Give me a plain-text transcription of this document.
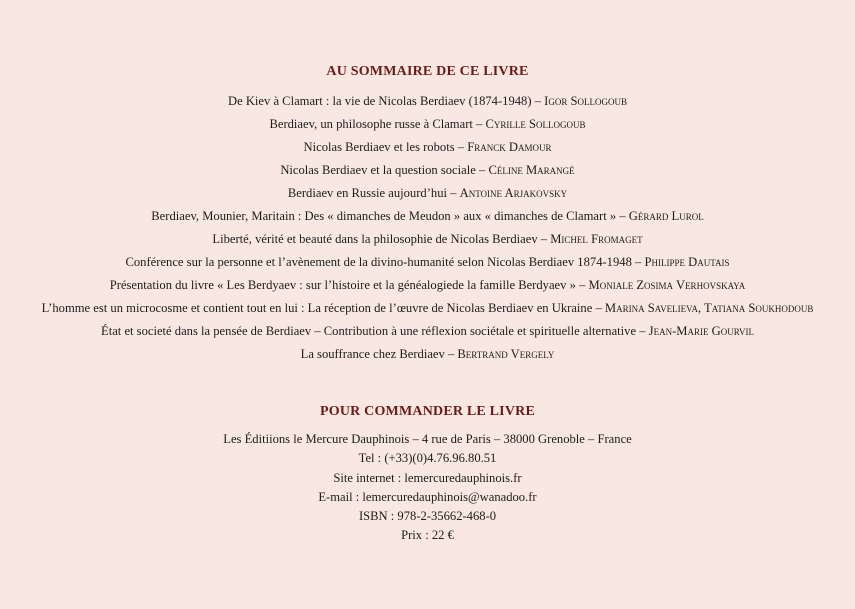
AU SOMMAIRE DE CE LIVRE
De Kiev à Clamart : la vie de Nicolas Berdiaev (1874-1948) – Igor Sollogoub
Berdiaev, un philosophe russe à Clamart – Cyrille Sollogoub
Nicolas Berdiaev et les robots – Franck Damour
Nicolas Berdiaev et la question sociale – Céline Marangé
Berdiaev en Russie aujourd’hui – Antoine Arjakovsky
Berdiaev, Mounier, Maritain : Des « dimanches de Meudon » aux « dimanches de Clamart » – Gérard Lurol
Liberté, vérité et beauté dans la philosophie de Nicolas Berdiaev – Michel Fromaget
Conférence sur la personne et l’avènement de la divino-humanité selon Nicolas Berdiaev 1874-1948 – Philippe Dautais
Présentation du livre « Les Berdyaev : sur l’histoire et la généalogiede la famille Berdyaev » – Moniale Zosima Verhovskaya
L’homme est un microcosme et contient tout en lui : La réception de l’œuvre de Nicolas Berdiaev en Ukraine – Marina Savelieva, Tatiana Soukhodoub
État et societé dans la pensée de Berdiaev – Contribution à une réflexion sociétale et spirituelle alternative – Jean-Marie Gourvil
La souffrance chez Berdiaev – Bertrand Vergely
POUR COMMANDER LE LIVRE
Les Éditiions le Mercure Dauphinois – 4 rue de Paris – 38000 Grenoble – France
Tel : (+33)(0)4.76.96.80.51
Site internet : lemercuredauphinois.fr
E-mail : lemercuredauphinois@wanadoo.fr
ISBN : 978-2-35662-468-0
Prix : 22 €
